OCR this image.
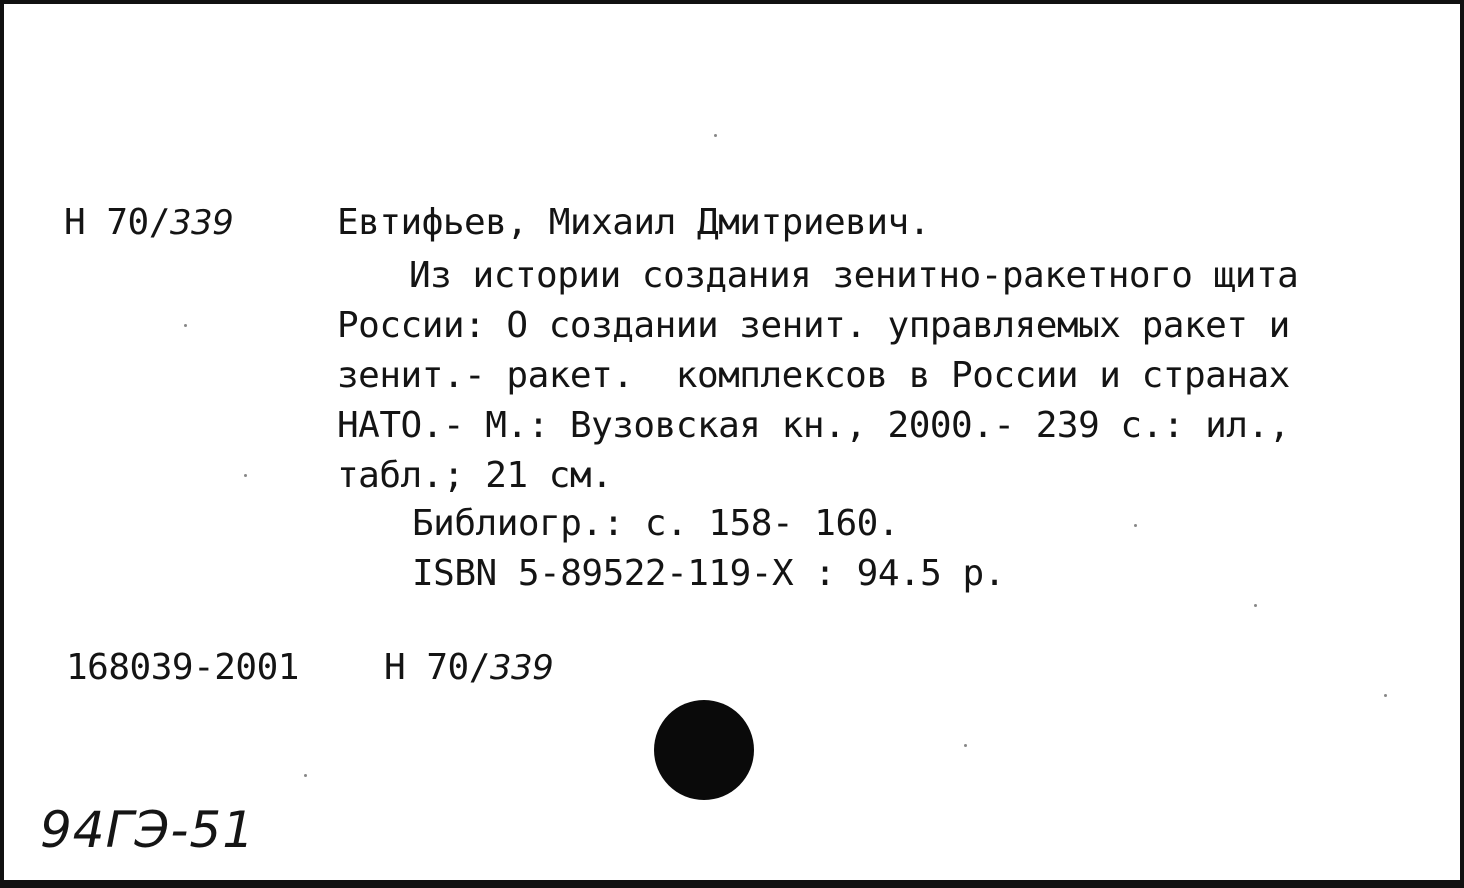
Н 70/339	Евтифьев, Михаил Дмитриевич.
Из истории создания зенитно-ракетного щита
России: О создании зенит. управляемых ракет и
зенит.- ракет.  комплексов в России и странах
НАТО.- М.: Вузовская кн., 2000.- 239 с.: ил.,
табл.; 21 см.
Библиогр.: с. 158- 160.
ISBN 5-89522-119-X : 94.5 р.
168039-2001 Н 70/339
94ГЭ-51
